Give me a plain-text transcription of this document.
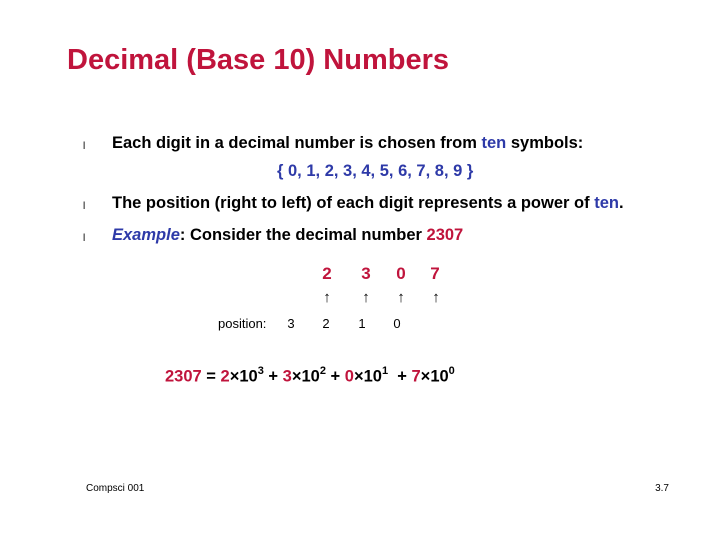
Decimal (Base 10) Numbers
l Each digit in a decimal number is chosen from ten symbols:
{ 0, 1, 2, 3, 4, 5, 6, 7, 8, 9 }
l The position (right to left) of each digit represents a power of ten.
l Example: Consider the decimal number 2307
2	3	0	7
↑	↑	↑	↑
position:	3	2	1	0
$2307 = 2\times 10^3 + 3\times 10^2 + 0\times 10^1 + 7\times 10^0$
Compsci 001	3.7
